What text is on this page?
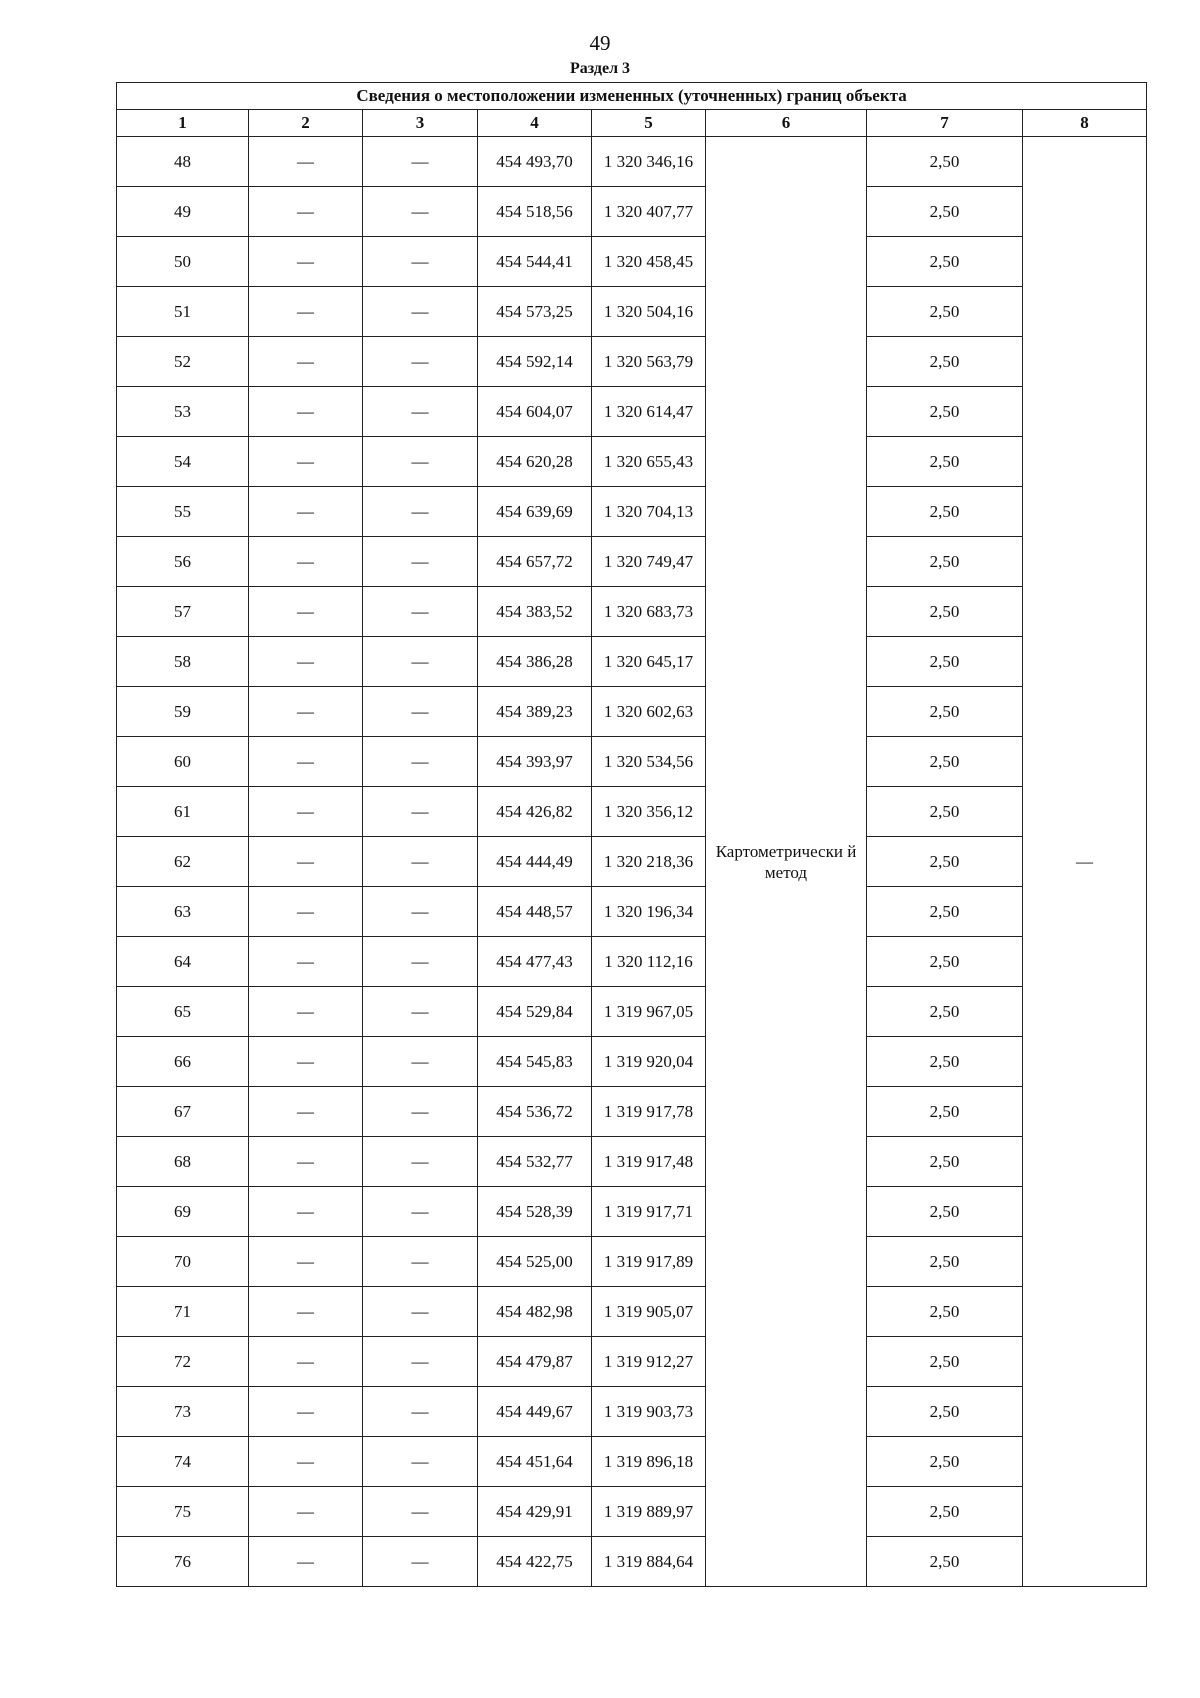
49
Раздел 3
Сведения о местоположении измененных (уточненных) границ объекта							
1	2	3	4	5	6	7	8
48	—	—	454 493,70	1 320 346,16	Картометрически й метод	2,50	—
49	—	—	454 518,56	1 320 407,77		2,50	
50	—	—	454 544,41	1 320 458,45		2,50	
51	—	—	454 573,25	1 320 504,16		2,50	
52	—	—	454 592,14	1 320 563,79		2,50	
53	—	—	454 604,07	1 320 614,47		2,50	
54	—	—	454 620,28	1 320 655,43		2,50	
55	—	—	454 639,69	1 320 704,13		2,50	
56	—	—	454 657,72	1 320 749,47		2,50	
57	—	—	454 383,52	1 320 683,73		2,50	
58	—	—	454 386,28	1 320 645,17		2,50	
59	—	—	454 389,23	1 320 602,63		2,50	
60	—	—	454 393,97	1 320 534,56		2,50	
61	—	—	454 426,82	1 320 356,12		2,50	
62	—	—	454 444,49	1 320 218,36		2,50	
63	—	—	454 448,57	1 320 196,34		2,50	
64	—	—	454 477,43	1 320 112,16		2,50	
65	—	—	454 529,84	1 319 967,05		2,50	
66	—	—	454 545,83	1 319 920,04		2,50	
67	—	—	454 536,72	1 319 917,78		2,50	
68	—	—	454 532,77	1 319 917,48		2,50	
69	—	—	454 528,39	1 319 917,71		2,50	
70	—	—	454 525,00	1 319 917,89		2,50	
71	—	—	454 482,98	1 319 905,07		2,50	
72	—	—	454 479,87	1 319 912,27		2,50	
73	—	—	454 449,67	1 319 903,73		2,50	
74	—	—	454 451,64	1 319 896,18		2,50	
75	—	—	454 429,91	1 319 889,97		2,50	
76	—	—	454 422,75	1 319 884,64		2,50	
